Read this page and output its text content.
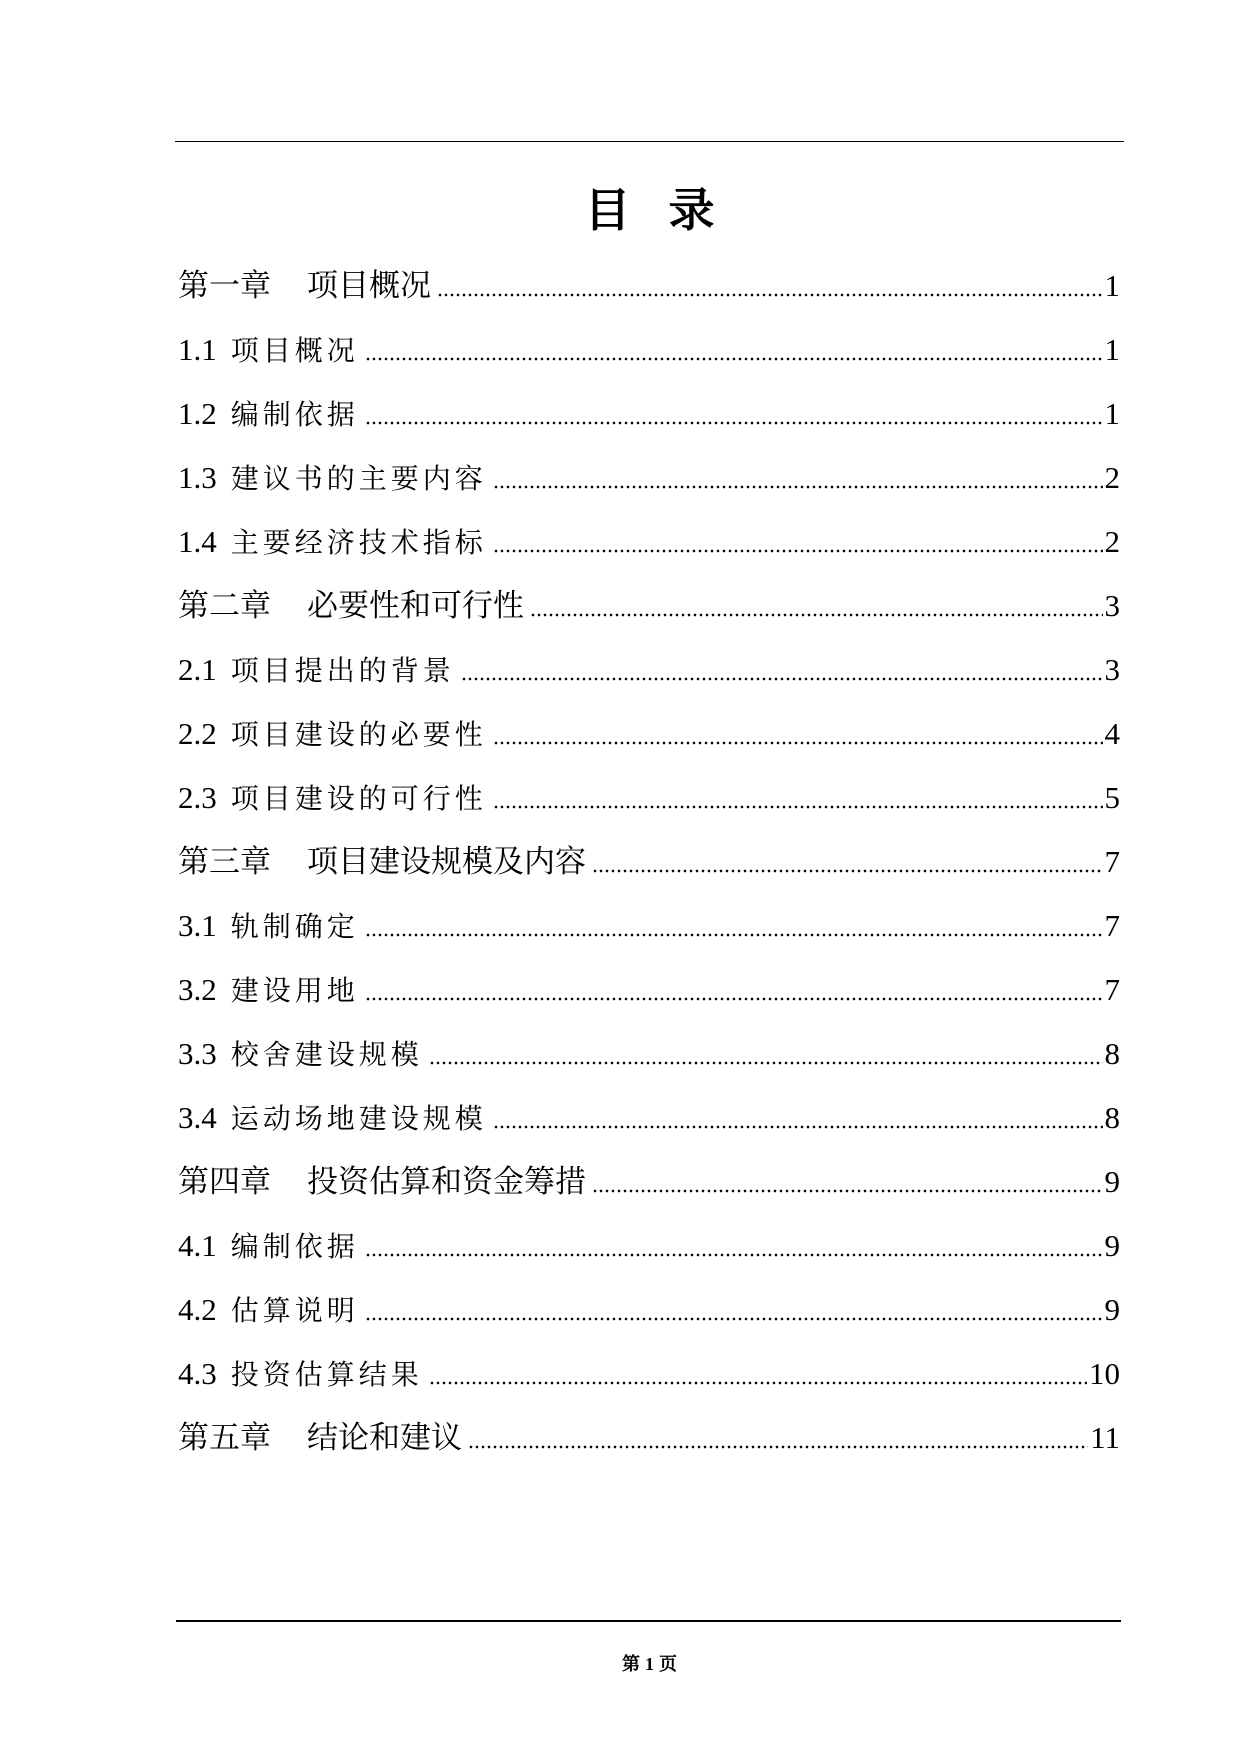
目 录
第一章 项目概况	1
1.1 项目概况	1
1.2 编制依据	1
1.3 建议书的主要内容	2
1.4 主要经济技术指标	2
第二章 必要性和可行性	3
2.1 项目提出的背景	3
2.2 项目建设的必要性	4
2.3 项目建设的可行性	5
第三章 项目建设规模及内容	7
3.1 轨制确定	7
3.2 建设用地	7
3.3 校舍建设规模	8
3.4 运动场地建设规模	8
第四章 投资估算和资金筹措	9
4.1 编制依据	9
4.2 估算说明	9
4.3 投资估算结果	10
第五章 结论和建议	11
第 1 页
